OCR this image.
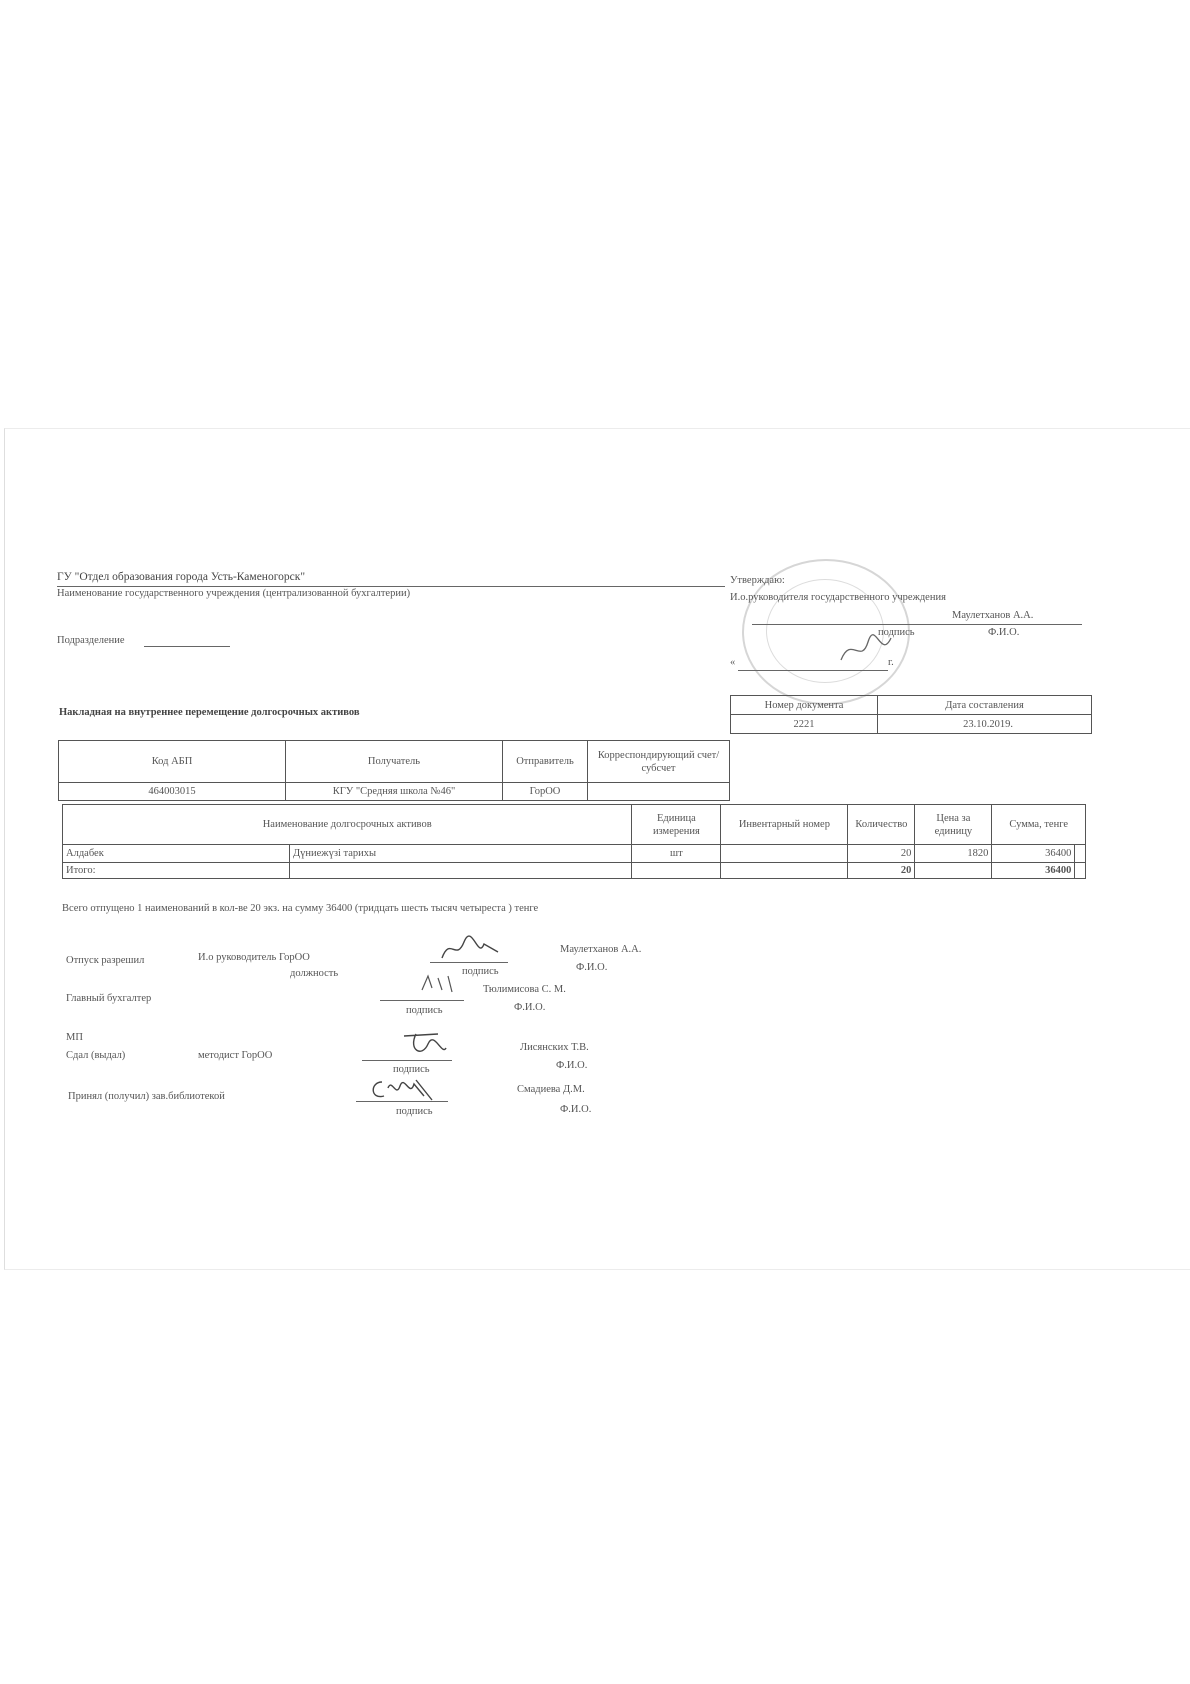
ГУ "Отдел образования города Усть-Каменогорск"
Наименование государственного учреждения (централизованной бухгалтерии)
Подразделение
Накладная на внутреннее перемещение долгосрочных активов
Утверждаю:
И.о.руководителя государственного учреждения
Маулетханов А.А.
подпись	Ф.И.О.
«	г.
Номер документа	Дата составления
2221	23.10.2019.
Код АБП	Получатель	Отправитель	Корреспондирующий счет/субсчет
464003015	КГУ "Средняя школа №46"	ГорОО	
Наименование долгосрочных активов		Единица измерения	Инвентарный номер	Количество	Цена за единицу	Сумма, тенге	
Алдабек	Дүниежүзі тарихы	шт		20	1820	36400	
Итого:				20		36400	
Всего отпущено 1 наименований в кол-ве 20 экз. на сумму 36400 (тридцать шесть тысяч четыреста ) тенге
Отпуск разрешил	И.о руководитель ГорОО
должность	подпись
Маулетханов А.А.
Ф.И.О.
Главный бухгалтер
подпись
Тюлимисова С. М.
Ф.И.О.
МП
Сдал (выдал)	методист ГорОО
подпись
Лисянских Т.В.
Ф.И.О.
Принял (получил) зав.библиотекой
подпись
Смадиева Д.М.
Ф.И.О.
